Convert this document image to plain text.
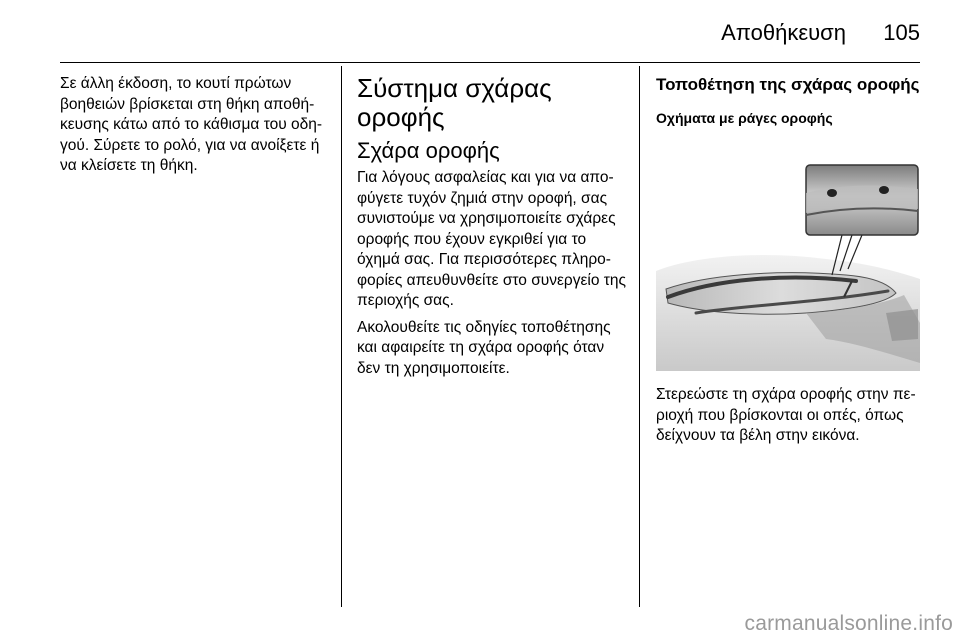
Αποθήκευση	105

Σε άλλη έκδοση, το κουτί πρώτων βοηθειών βρίσκεται στη θήκη αποθή- κευσης κάτω από το κάθισμα του οδη- γού. Σύρετε το ρολό, για να ανοίξετε ή να κλείσετε τη θήκη.

Σύστημα σχάρας οροφής
Σχάρα οροφής

Για λόγους ασφαλείας και για να απο- φύγετε τυχόν ζημιά στην οροφή, σας συνιστούμε να χρησιμοποιείτε σχάρες οροφής που έχουν εγκριθεί για το όχημά σας. Για περισσότερες πληρο- φορίες απευθυνθείτε στο συνεργείο της περιοχής σας.

Ακολουθείτε τις οδηγίες τοποθέτησης και αφαιρείτε τη σχάρα οροφής όταν δεν τη χρησιμοποιείτε.

Τοποθέτηση της σχάρας οροφής
Οχήματα με ράγες οροφής

Στερεώστε τη σχάρα οροφής στην πε- ριοχή που βρίσκονται οι οπές, όπως δείχνουν τα βέλη στην εικόνα.

carmanualsonline.info
